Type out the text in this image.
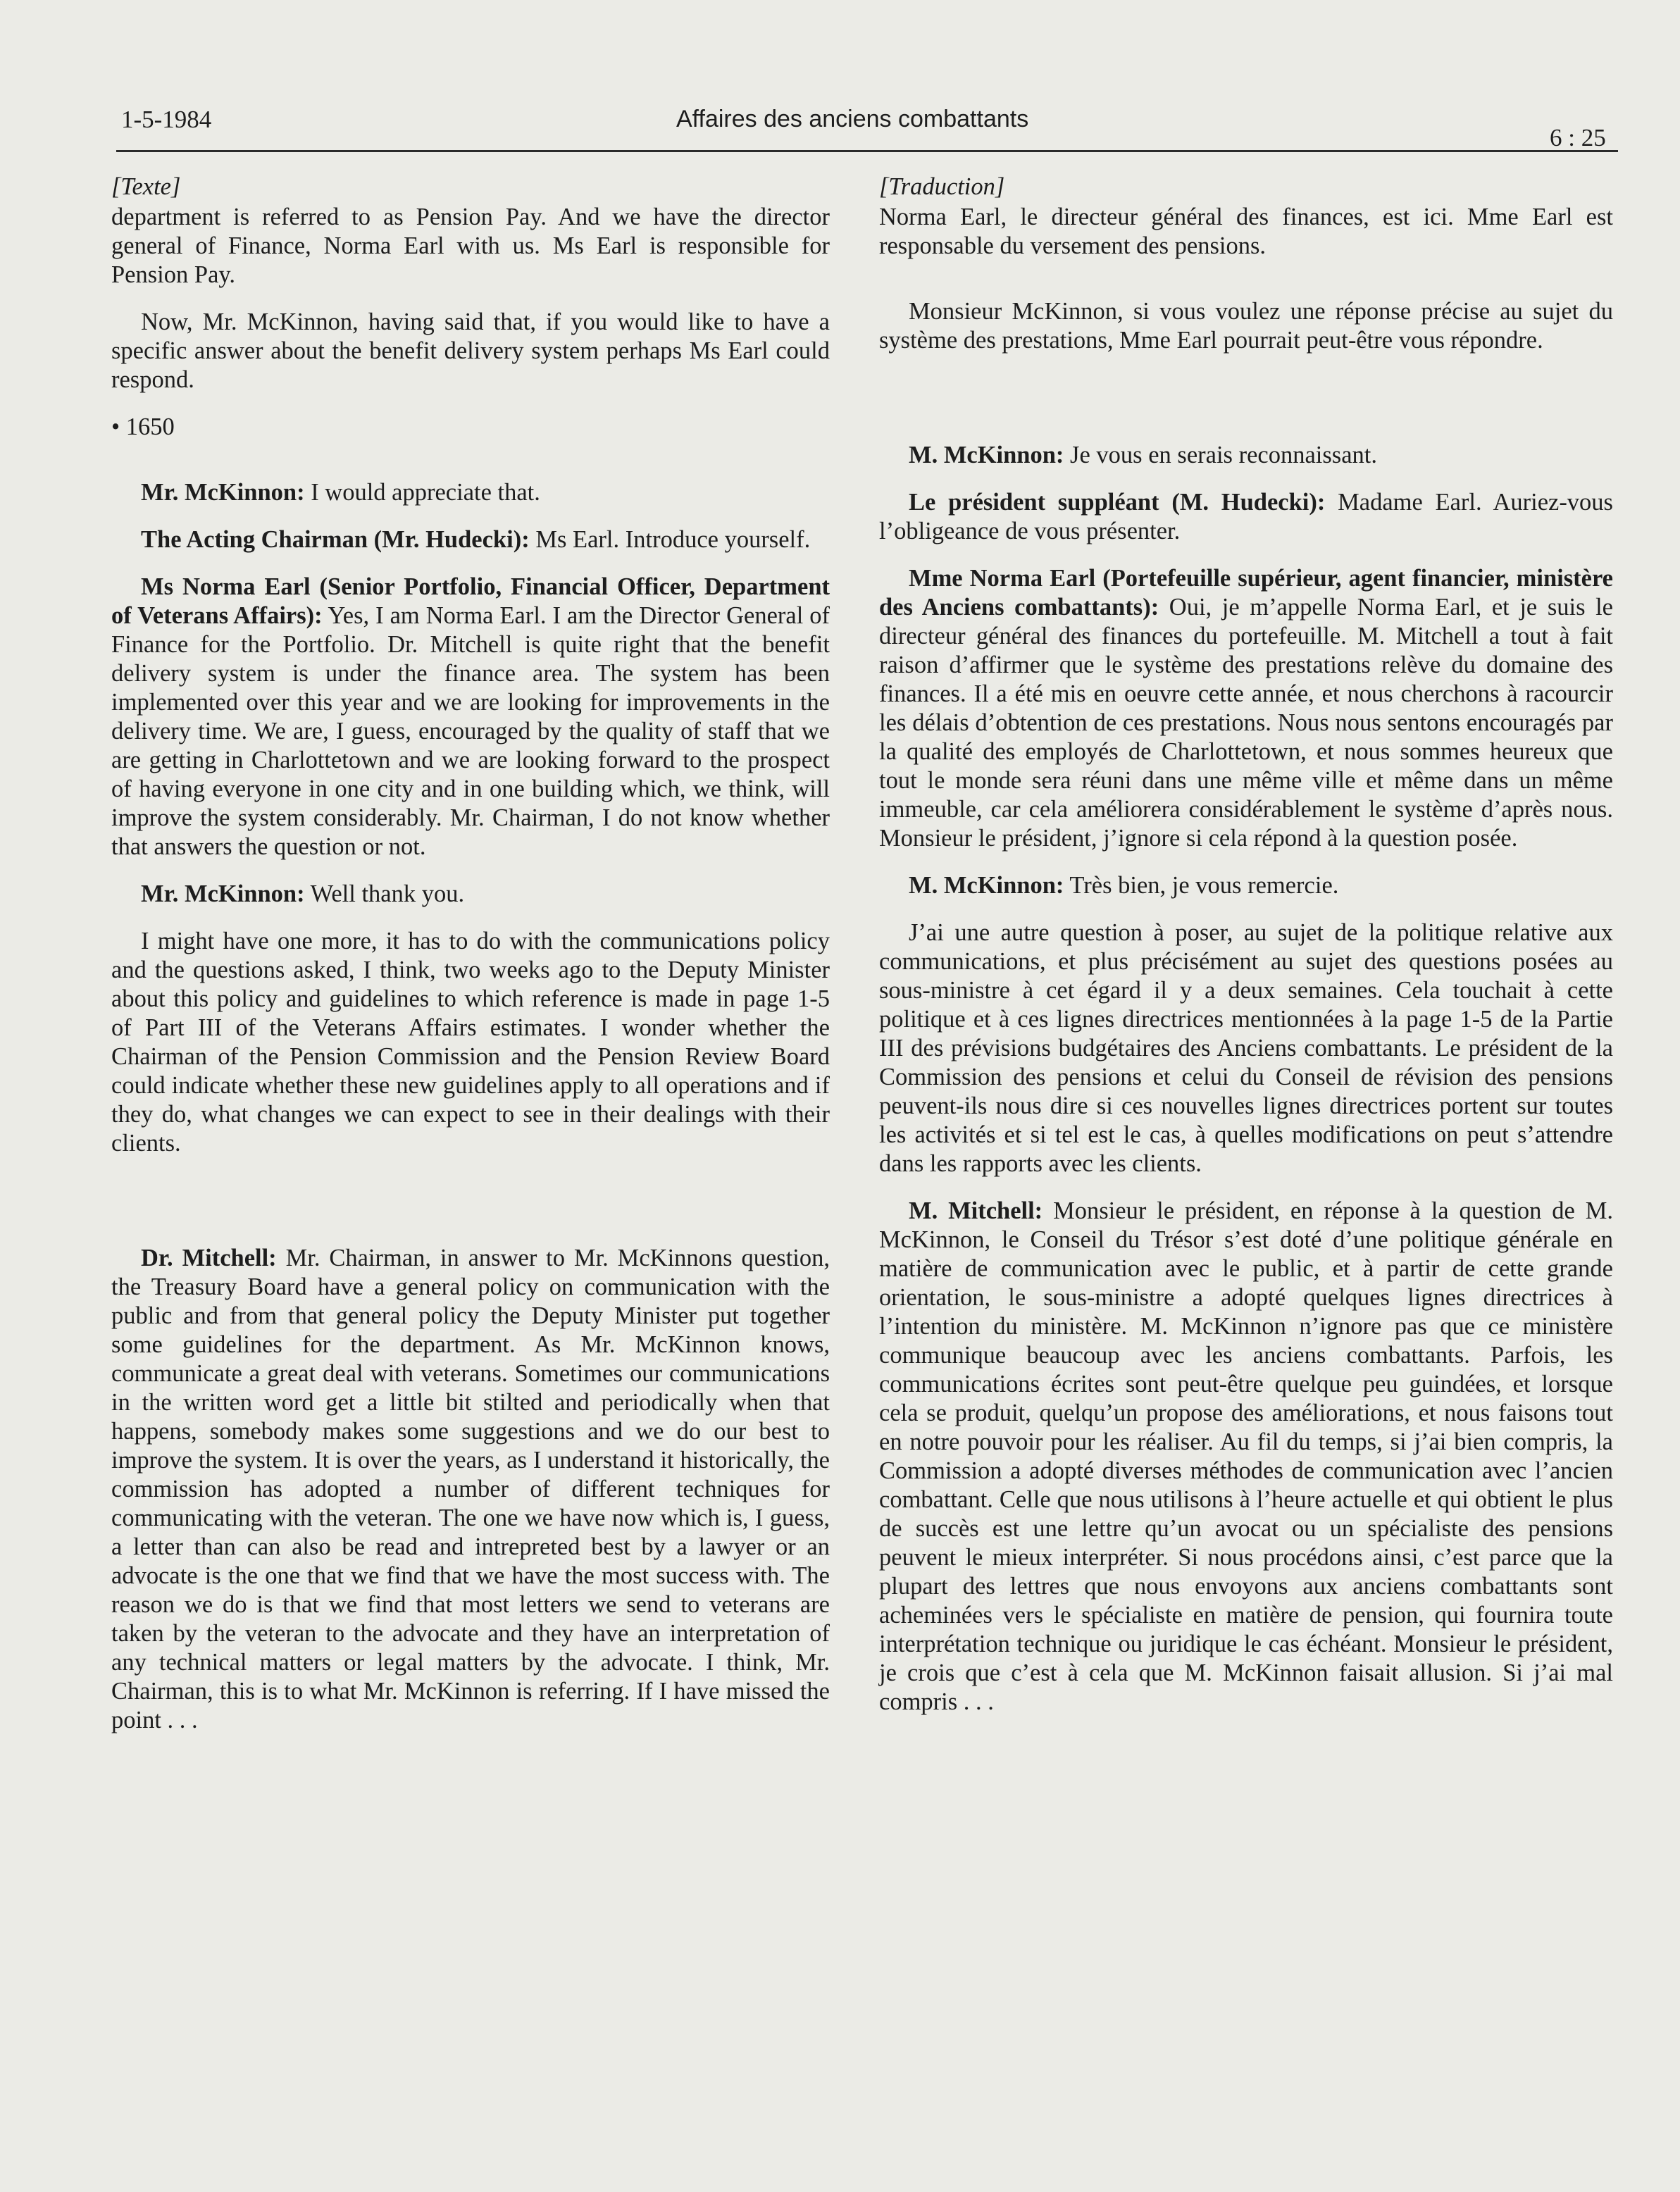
1-5-1984	Affaires des anciens combattants
6 : 25
[Texte]

department is referred to as Pension Pay. And we have the director general of Finance, Norma Earl with us. Ms Earl is responsible for Pension Pay.

Now, Mr. McKinnon, having said that, if you would like to have a specific answer about the benefit delivery system perhaps Ms Earl could respond.

• 1650

Mr. McKinnon: I would appreciate that.

The Acting Chairman (Mr. Hudecki): Ms Earl. Introduce yourself.

Ms Norma Earl (Senior Portfolio, Financial Officer, Department of Veterans Affairs): Yes, I am Norma Earl. I am the Director General of Finance for the Portfolio. Dr. Mitchell is quite right that the benefit delivery system is under the finance area. The system has been implemented over this year and we are looking for improvements in the delivery time. We are, I guess, encouraged by the quality of staff that we are getting in Charlottetown and we are looking forward to the prospect of having everyone in one city and in one building which, we think, will improve the system considerably. Mr. Chairman, I do not know whether that answers the question or not.

Mr. McKinnon: Well thank you.

I might have one more, it has to do with the communications policy and the questions asked, I think, two weeks ago to the Deputy Minister about this policy and guidelines to which reference is made in page 1-5 of Part III of the Veterans Affairs estimates. I wonder whether the Chairman of the Pension Commission and the Pension Review Board could indicate whether these new guidelines apply to all operations and if they do, what changes we can expect to see in their dealings with their clients.

Dr. Mitchell: Mr. Chairman, in answer to Mr. McKinnons question, the Treasury Board have a general policy on communication with the public and from that general policy the Deputy Minister put together some guidelines for the department. As Mr. McKinnon knows, communicate a great deal with veterans. Sometimes our communications in the written word get a little bit stilted and periodically when that happens, somebody makes some suggestions and we do our best to improve the system. It is over the years, as I understand it historically, the commission has adopted a number of different techniques for communicating with the veteran. The one we have now which is, I guess, a letter than can also be read and intrepreted best by a lawyer or an advocate is the one that we find that we have the most success with. The reason we do is that we find that most letters we send to veterans are taken by the veteran to the advocate and they have an interpretation of any technical matters or legal matters by the advocate. I think, Mr. Chairman, this is to what Mr. McKinnon is referring. If I have missed the point . . .

[Traduction]

Norma Earl, le directeur général des finances, est ici. Mme Earl est responsable du versement des pensions.

Monsieur McKinnon, si vous voulez une réponse précise au sujet du système des prestations, Mme Earl pourrait peut-être vous répondre.

M. McKinnon: Je vous en serais reconnaissant.

Le président suppléant (M. Hudecki): Madame Earl. Auriez-vous l’obligeance de vous présenter.

Mme Norma Earl (Portefeuille supérieur, agent financier, ministère des Anciens combattants): Oui, je m’appelle Norma Earl, et je suis le directeur général des finances du portefeuille. M. Mitchell a tout à fait raison d’affirmer que le système des prestations relève du domaine des finances. Il a été mis en oeuvre cette année, et nous cherchons à racourcir les délais d’obtention de ces prestations. Nous nous sentons encouragés par la qualité des employés de Charlottetown, et nous sommes heureux que tout le monde sera réuni dans une même ville et même dans un même immeuble, car cela améliorera considérablement le système d’après nous. Monsieur le président, j’ignore si cela répond à la question posée.

M. McKinnon: Très bien, je vous remercie.

J’ai une autre question à poser, au sujet de la politique relative aux communications, et plus précisément au sujet des questions posées au sous-ministre à cet égard il y a deux semaines. Cela touchait à cette politique et à ces lignes directrices mentionnées à la page 1-5 de la Partie III des prévisions budgétaires des Anciens combattants. Le président de la Commission des pensions et celui du Conseil de révision des pensions peuvent-ils nous dire si ces nouvelles lignes directrices portent sur toutes les activités et si tel est le cas, à quelles modifications on peut s’attendre dans les rapports avec les clients.

M. Mitchell: Monsieur le président, en réponse à la question de M. McKinnon, le Conseil du Trésor s’est doté d’une politique générale en matière de communication avec le public, et à partir de cette grande orientation, le sous-ministre a adopté quelques lignes directrices à l’intention du ministère. M. McKinnon n’ignore pas que ce ministère communique beaucoup avec les anciens combattants. Parfois, les communications écrites sont peut-être quelque peu guindées, et lorsque cela se produit, quelqu’un propose des améliorations, et nous faisons tout en notre pouvoir pour les réaliser. Au fil du temps, si j’ai bien compris, la Commission a adopté diverses méthodes de communication avec l’ancien combattant. Celle que nous utilisons à l’heure actuelle et qui obtient le plus de succès est une lettre qu’un avocat ou un spécialiste des pensions peuvent le mieux interpréter. Si nous procédons ainsi, c’est parce que la plupart des lettres que nous envoyons aux anciens combattants sont acheminées vers le spécialiste en matière de pension, qui fournira toute interprétation technique ou juridique le cas échéant. Monsieur le président, je crois que c’est à cela que M. McKinnon faisait allusion. Si j’ai mal compris . . .
